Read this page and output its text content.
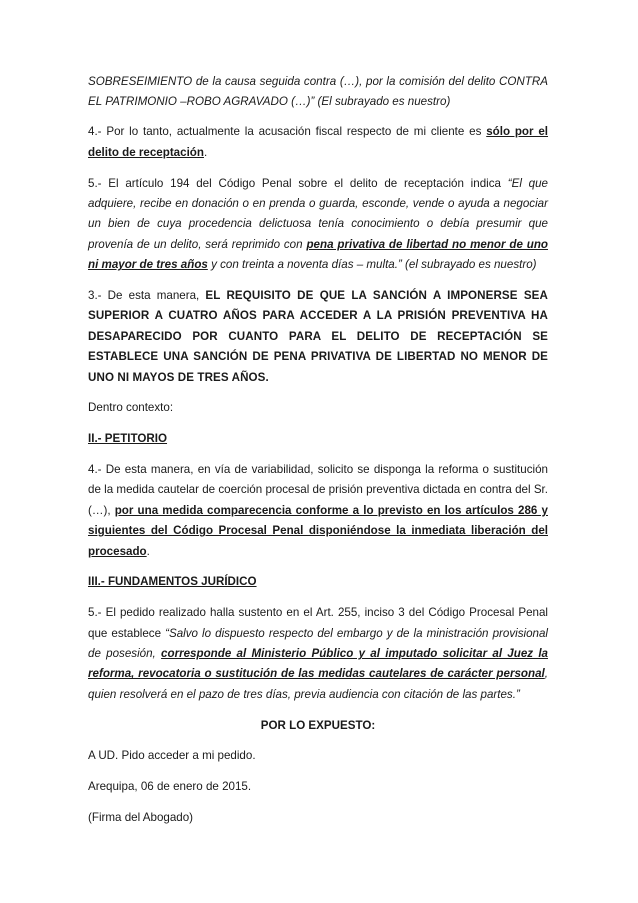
SOBRESEIMIENTO de la causa seguida contra (…), por la comisión del delito CONTRA EL PATRIMONIO –ROBO AGRAVADO (…)” (El subrayado es nuestro)

4.- Por lo tanto, actualmente la acusación fiscal respecto de mi cliente es sólo por el delito de receptación.

5.- El artículo 194 del Código Penal sobre el delito de receptación indica “El que adquiere, recibe en donación o en prenda o guarda, esconde, vende o ayuda a negociar un bien de cuya procedencia delictuosa tenía conocimiento o debía presumir que provenía de un delito, será reprimido con pena privativa de libertad no menor de uno ni mayor de tres años y con treinta a noventa días – multa.” (el subrayado es nuestro)

3.- De esta manera, EL REQUISITO DE QUE LA SANCIÓN A IMPONERSE SEA SUPERIOR A CUATRO AÑOS PARA ACCEDER A LA PRISIÓN PREVENTIVA HA DESAPARECIDO POR CUANTO PARA EL DELITO DE RECEPTACIÓN SE ESTABLECE UNA SANCIÓN DE PENA PRIVATIVA DE LIBERTAD NO MENOR DE UNO NI MAYOS DE TRES AÑOS.

Dentro contexto:

II.- PETITORIO

4.- De esta manera, en vía de variabilidad, solicito se disponga la reforma o sustitución de la medida cautelar de coerción procesal de prisión preventiva dictada en contra del Sr. (…), por una medida comparecencia conforme a lo previsto en los artículos 286 y siguientes del Código Procesal Penal disponiéndose la inmediata liberación del procesado.

III.- FUNDAMENTOS JURÍDICO

5.- El pedido realizado halla sustento en el Art. 255, inciso 3 del Código Procesal Penal que establece “Salvo lo dispuesto respecto del embargo y de la ministración provisional de posesión, corresponde al Ministerio Público y al imputado solicitar al Juez la reforma, revocatoria o sustitución de las medidas cautelares de carácter personal, quien resolverá en el pazo de tres días, previa audiencia con citación de las partes.”

POR LO EXPUESTO:

A UD. Pido acceder a mi pedido.

Arequipa, 06 de enero de 2015.

(Firma del Abogado)
